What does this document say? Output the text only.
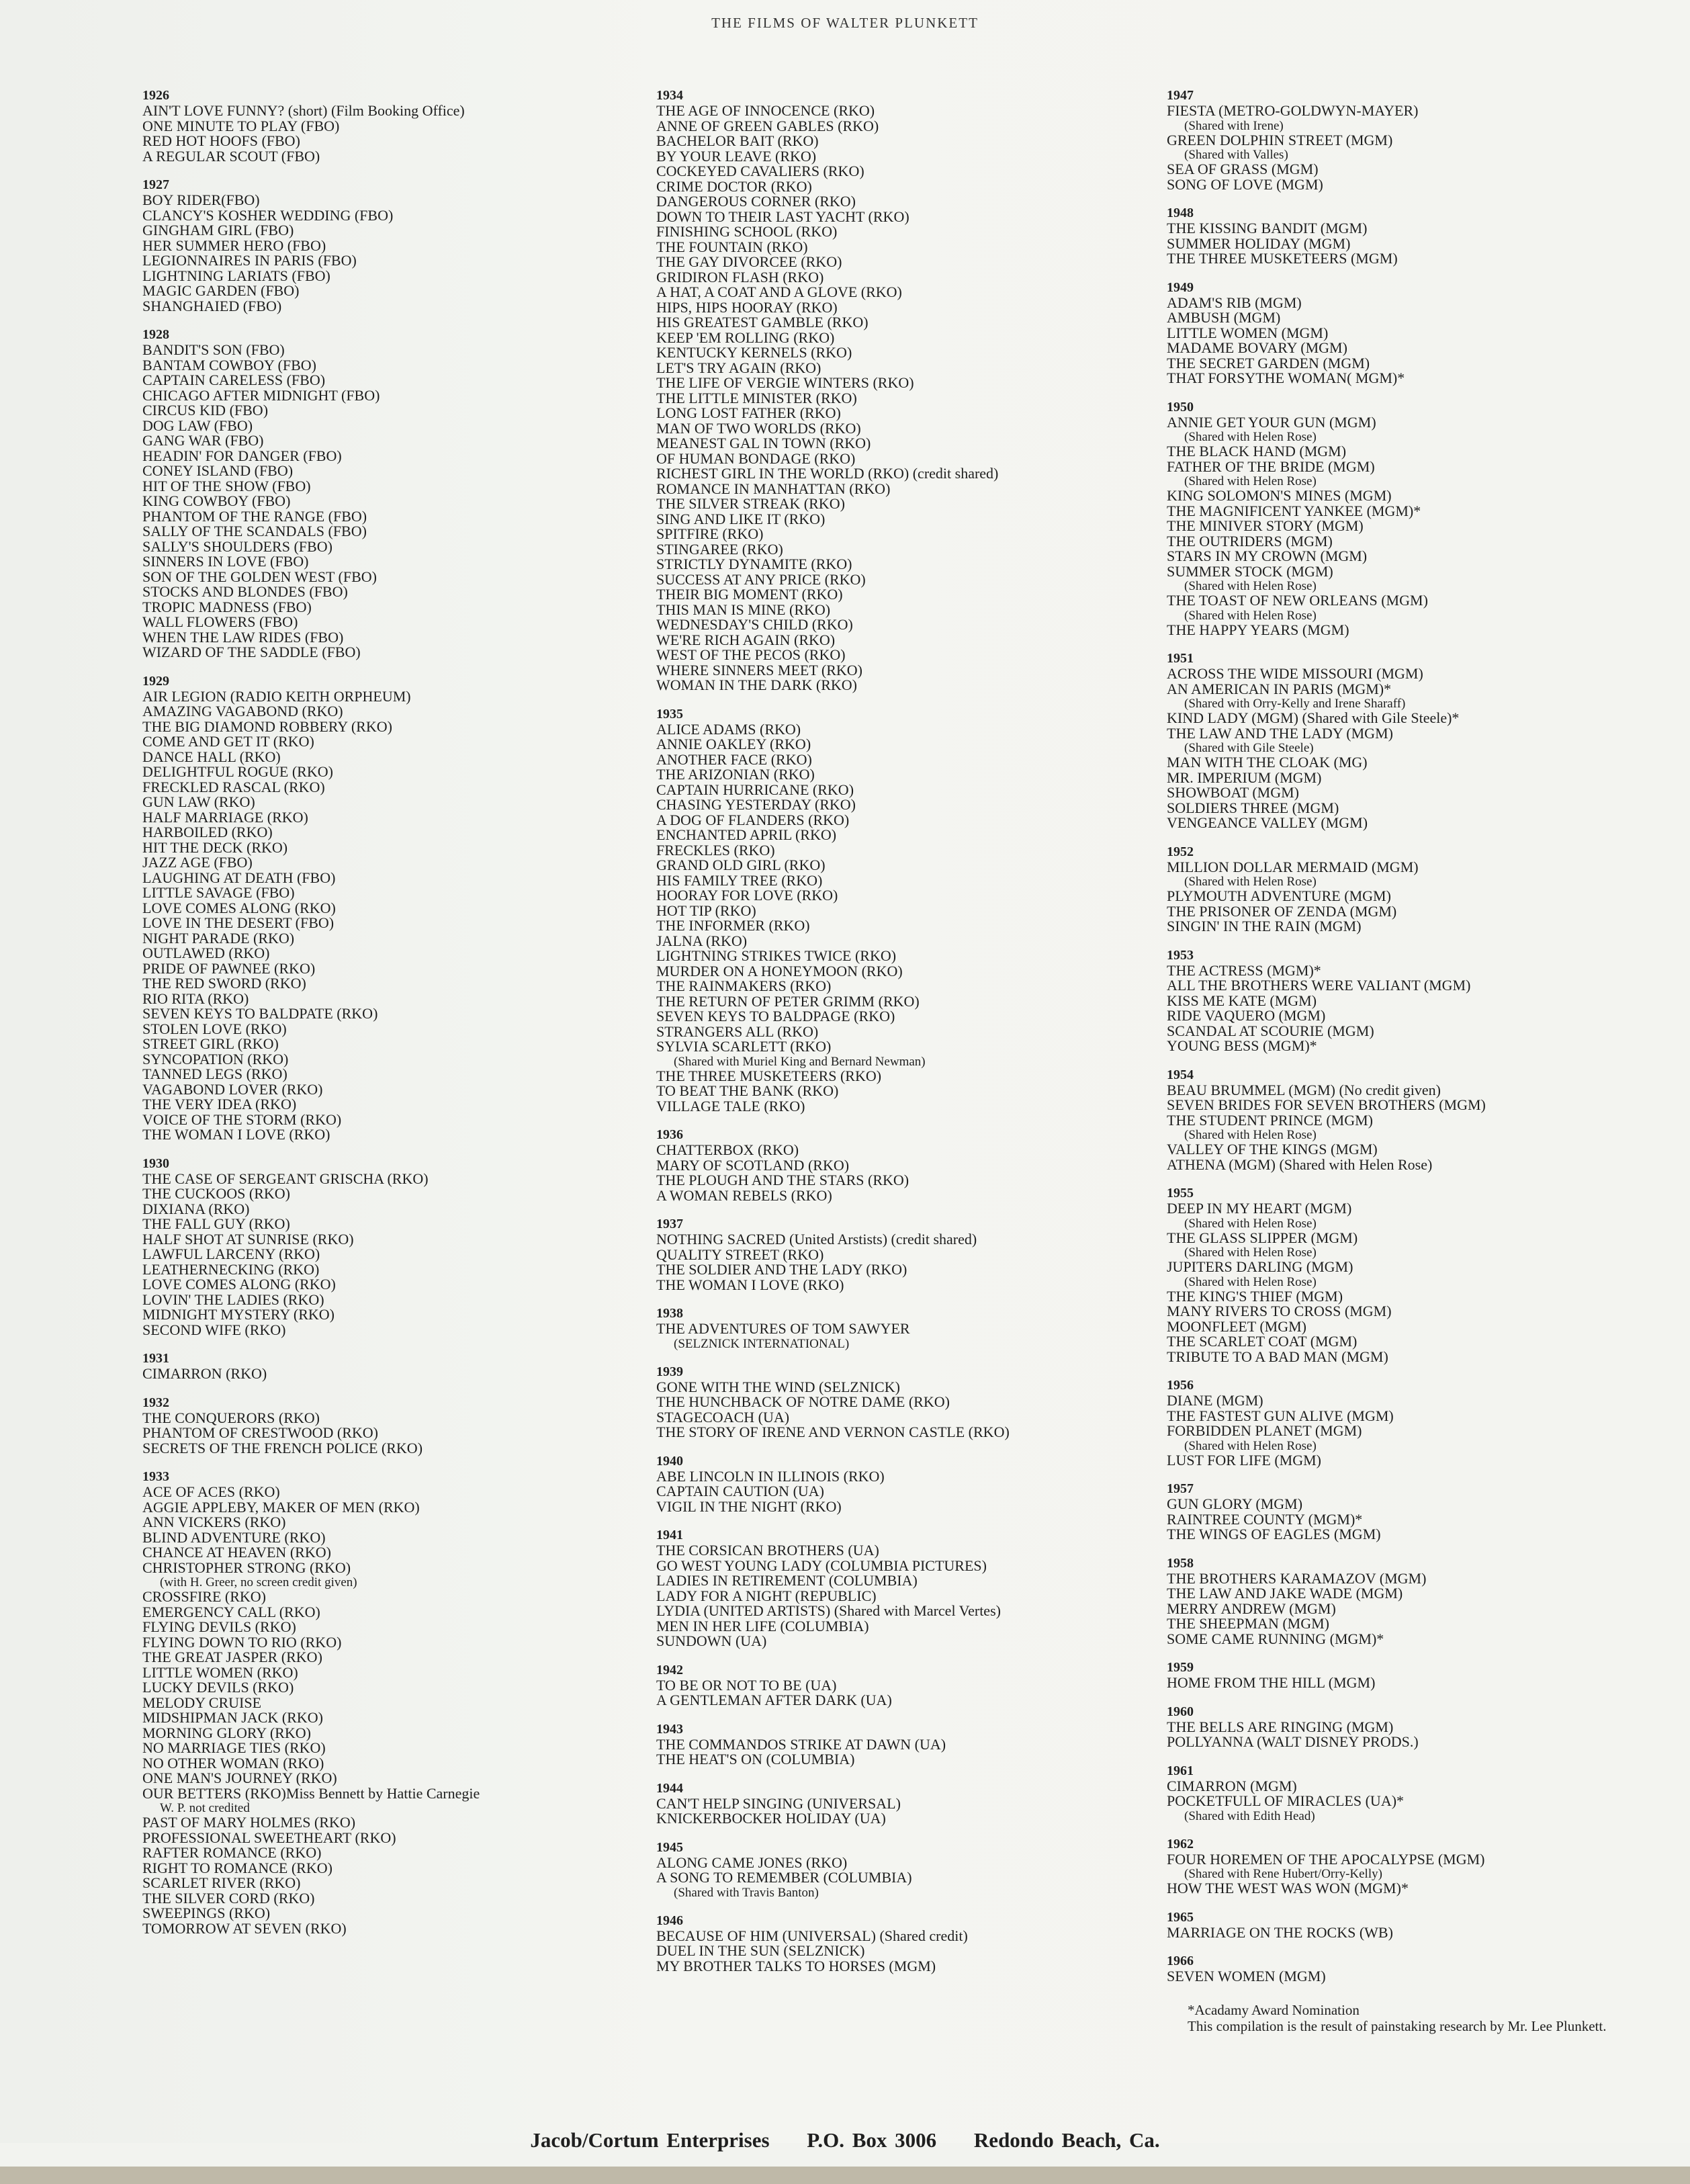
THE FILMS OF WALTER PLUNKETT
1926
AIN'T LOVE FUNNY? (short) (Film Booking Office)
ONE MINUTE TO PLAY (FBO)
RED HOT HOOFS (FBO)
A REGULAR SCOUT (FBO)
1927
BOY RIDER(FBO)
CLANCY'S KOSHER WEDDING (FBO)
GINGHAM GIRL (FBO)
HER SUMMER HERO (FBO)
LEGIONNAIRES IN PARIS (FBO)
LIGHTNING LARIATS (FBO)
MAGIC GARDEN (FBO)
SHANGHAIED (FBO)
1928
BANDIT'S SON (FBO)
BANTAM COWBOY (FBO)
CAPTAIN CARELESS (FBO)
CHICAGO AFTER MIDNIGHT (FBO)
CIRCUS KID (FBO)
DOG LAW (FBO)
GANG WAR (FBO)
HEADIN' FOR DANGER (FBO)
CONEY ISLAND (FBO)
HIT OF THE SHOW (FBO)
KING COWBOY (FBO)
PHANTOM OF THE RANGE (FBO)
SALLY OF THE SCANDALS (FBO)
SALLY'S SHOULDERS (FBO)
SINNERS IN LOVE (FBO)
SON OF THE GOLDEN WEST (FBO)
STOCKS AND BLONDES (FBO)
TROPIC MADNESS (FBO)
WALL FLOWERS (FBO)
WHEN THE LAW RIDES (FBO)
WIZARD OF THE SADDLE (FBO)
1929
AIR LEGION (RADIO KEITH ORPHEUM)
AMAZING VAGABOND (RKO)
THE BIG DIAMOND ROBBERY (RKO)
COME AND GET IT (RKO)
DANCE HALL (RKO)
DELIGHTFUL ROGUE (RKO)
FRECKLED RASCAL (RKO)
GUN LAW (RKO)
HALF MARRIAGE (RKO)
HARBOILED (RKO)
HIT THE DECK (RKO)
JAZZ AGE (FBO)
LAUGHING AT DEATH (FBO)
LITTLE SAVAGE (FBO)
LOVE COMES ALONG (RKO)
LOVE IN THE DESERT (FBO)
NIGHT PARADE (RKO)
OUTLAWED (RKO)
PRIDE OF PAWNEE (RKO)
THE RED SWORD (RKO)
RIO RITA (RKO)
SEVEN KEYS TO BALDPATE (RKO)
STOLEN LOVE (RKO)
STREET GIRL (RKO)
SYNCOPATION (RKO)
TANNED LEGS (RKO)
VAGABOND LOVER (RKO)
THE VERY IDEA (RKO)
VOICE OF THE STORM (RKO)
THE WOMAN I LOVE (RKO)
1930
THE CASE OF SERGEANT GRISCHA (RKO)
THE CUCKOOS (RKO)
DIXIANA (RKO)
THE FALL GUY (RKO)
HALF SHOT AT SUNRISE (RKO)
LAWFUL LARCENY (RKO)
LEATHERNECKING (RKO)
LOVE COMES ALONG (RKO)
LOVIN' THE LADIES (RKO)
MIDNIGHT MYSTERY (RKO)
SECOND WIFE (RKO)
1931
CIMARRON (RKO)
1932
THE CONQUERORS (RKO)
PHANTOM OF CRESTWOOD (RKO)
SECRETS OF THE FRENCH POLICE (RKO)
1933
ACE OF ACES (RKO)
AGGIE APPLEBY, MAKER OF MEN (RKO)
ANN VICKERS (RKO)
BLIND ADVENTURE (RKO)
CHANCE AT HEAVEN (RKO)
CHRISTOPHER STRONG (RKO)
(with H. Greer, no screen credit given)
CROSSFIRE (RKO)
EMERGENCY CALL (RKO)
FLYING DEVILS (RKO)
FLYING DOWN TO RIO (RKO)
THE GREAT JASPER (RKO)
LITTLE WOMEN (RKO)
LUCKY DEVILS (RKO)
MELODY CRUISE
MIDSHIPMAN JACK (RKO)
MORNING GLORY (RKO)
NO MARRIAGE TIES (RKO)
NO OTHER WOMAN (RKO)
ONE MAN'S JOURNEY (RKO)
OUR BETTERS (RKO)Miss Bennett by Hattie Carnegie
W. P. not credited
PAST OF MARY HOLMES (RKO)
PROFESSIONAL SWEETHEART (RKO)
RAFTER ROMANCE (RKO)
RIGHT TO ROMANCE (RKO)
SCARLET RIVER (RKO)
THE SILVER CORD (RKO)
SWEEPINGS (RKO)
TOMORROW AT SEVEN (RKO)
1934
THE AGE OF INNOCENCE (RKO)
ANNE OF GREEN GABLES (RKO)
BACHELOR BAIT (RKO)
BY YOUR LEAVE (RKO)
COCKEYED CAVALIERS (RKO)
CRIME DOCTOR (RKO)
DANGEROUS CORNER (RKO)
DOWN TO THEIR LAST YACHT (RKO)
FINISHING SCHOOL (RKO)
THE FOUNTAIN (RKO)
THE GAY DIVORCEE (RKO)
GRIDIRON FLASH (RKO)
A HAT, A COAT AND A GLOVE (RKO)
HIPS, HIPS HOORAY (RKO)
HIS GREATEST GAMBLE (RKO)
KEEP 'EM ROLLING (RKO)
KENTUCKY KERNELS (RKO)
LET'S TRY AGAIN (RKO)
THE LIFE OF VERGIE WINTERS (RKO)
THE LITTLE MINISTER (RKO)
LONG LOST FATHER (RKO)
MAN OF TWO WORLDS (RKO)
MEANEST GAL IN TOWN (RKO)
OF HUMAN BONDAGE (RKO)
RICHEST GIRL IN THE WORLD (RKO) (credit shared)
ROMANCE IN MANHATTAN (RKO)
THE SILVER STREAK (RKO)
SING AND LIKE IT (RKO)
SPITFIRE (RKO)
STINGAREE (RKO)
STRICTLY DYNAMITE (RKO)
SUCCESS AT ANY PRICE (RKO)
THEIR BIG MOMENT (RKO)
THIS MAN IS MINE (RKO)
WEDNESDAY'S CHILD (RKO)
WE'RE RICH AGAIN (RKO)
WEST OF THE PECOS (RKO)
WHERE SINNERS MEET (RKO)
WOMAN IN THE DARK (RKO)
1935
ALICE ADAMS (RKO)
ANNIE OAKLEY (RKO)
ANOTHER FACE (RKO)
THE ARIZONIAN (RKO)
CAPTAIN HURRICANE (RKO)
CHASING YESTERDAY (RKO)
A DOG OF FLANDERS (RKO)
ENCHANTED APRIL (RKO)
FRECKLES (RKO)
GRAND OLD GIRL (RKO)
HIS FAMILY TREE (RKO)
HOORAY FOR LOVE (RKO)
HOT TIP (RKO)
THE INFORMER (RKO)
JALNA (RKO)
LIGHTNING STRIKES TWICE (RKO)
MURDER ON A HONEYMOON (RKO)
THE RAINMAKERS (RKO)
THE RETURN OF PETER GRIMM (RKO)
SEVEN KEYS TO BALDPAGE (RKO)
STRANGERS ALL (RKO)
SYLVIA SCARLETT (RKO)
(Shared with Muriel King and Bernard Newman)
THE THREE MUSKETEERS (RKO)
TO BEAT THE BANK (RKO)
VILLAGE TALE (RKO)
1936
CHATTERBOX (RKO)
MARY OF SCOTLAND (RKO)
THE PLOUGH AND THE STARS (RKO)
A WOMAN REBELS (RKO)
1937
NOTHING SACRED (United Arstists) (credit shared)
QUALITY STREET (RKO)
THE SOLDIER AND THE LADY (RKO)
THE WOMAN I LOVE (RKO)
1938
THE ADVENTURES OF TOM SAWYER
(SELZNICK INTERNATIONAL)
1939
GONE WITH THE WIND (SELZNICK)
THE HUNCHBACK OF NOTRE DAME (RKO)
STAGECOACH (UA)
THE STORY OF IRENE AND VERNON CASTLE (RKO)
1940
ABE LINCOLN IN ILLINOIS (RKO)
CAPTAIN CAUTION (UA)
VIGIL IN THE NIGHT (RKO)
1941
THE CORSICAN BROTHERS (UA)
GO WEST YOUNG LADY (COLUMBIA PICTURES)
LADIES IN RETIREMENT (COLUMBIA)
LADY FOR A NIGHT (REPUBLIC)
LYDIA (UNITED ARTISTS) (Shared with Marcel Vertes)
MEN IN HER LIFE (COLUMBIA)
SUNDOWN (UA)
1942
TO BE OR NOT TO BE (UA)
A GENTLEMAN AFTER DARK (UA)
1943
THE COMMANDOS STRIKE AT DAWN (UA)
THE HEAT'S ON (COLUMBIA)
1944
CAN'T HELP SINGING (UNIVERSAL)
KNICKERBOCKER HOLIDAY (UA)
1945
ALONG CAME JONES (RKO)
A SONG TO REMEMBER (COLUMBIA)
(Shared with Travis Banton)
1946
BECAUSE OF HIM (UNIVERSAL) (Shared credit)
DUEL IN THE SUN (SELZNICK)
MY BROTHER TALKS TO HORSES (MGM)
1947
FIESTA (METRO-GOLDWYN-MAYER)
(Shared with Irene)
GREEN DOLPHIN STREET (MGM)
(Shared with Valles)
SEA OF GRASS (MGM)
SONG OF LOVE (MGM)
1948
THE KISSING BANDIT (MGM)
SUMMER HOLIDAY (MGM)
THE THREE MUSKETEERS (MGM)
1949
ADAM'S RIB (MGM)
AMBUSH (MGM)
LITTLE WOMEN (MGM)
MADAME BOVARY (MGM)
THE SECRET GARDEN (MGM)
THAT FORSYTHE WOMAN( MGM)*
1950
ANNIE GET YOUR GUN (MGM)
(Shared with Helen Rose)
THE BLACK HAND (MGM)
FATHER OF THE BRIDE (MGM)
(Shared with Helen Rose)
KING SOLOMON'S MINES (MGM)
THE MAGNIFICENT YANKEE (MGM)*
THE MINIVER STORY (MGM)
THE OUTRIDERS (MGM)
STARS IN MY CROWN (MGM)
SUMMER STOCK (MGM)
(Shared with Helen Rose)
THE TOAST OF NEW ORLEANS (MGM)
(Shared with Helen Rose)
THE HAPPY YEARS (MGM)
1951
ACROSS THE WIDE MISSOURI (MGM)
AN AMERICAN IN PARIS (MGM)*
(Shared with Orry-Kelly and Irene Sharaff)
KIND LADY (MGM) (Shared with Gile Steele)*
THE LAW AND THE LADY (MGM)
(Shared with Gile Steele)
MAN WITH THE CLOAK (MG)
MR. IMPERIUM (MGM)
SHOWBOAT (MGM)
SOLDIERS THREE (MGM)
VENGEANCE VALLEY (MGM)
1952
MILLION DOLLAR MERMAID (MGM)
(Shared with Helen Rose)
PLYMOUTH ADVENTURE (MGM)
THE PRISONER OF ZENDA (MGM)
SINGIN' IN THE RAIN (MGM)
1953
THE ACTRESS (MGM)*
ALL THE BROTHERS WERE VALIANT (MGM)
KISS ME KATE (MGM)
RIDE VAQUERO (MGM)
SCANDAL AT SCOURIE (MGM)
YOUNG BESS (MGM)*
1954
BEAU BRUMMEL (MGM) (No credit given)
SEVEN BRIDES FOR SEVEN BROTHERS (MGM)
THE STUDENT PRINCE (MGM)
(Shared with Helen Rose)
VALLEY OF THE KINGS (MGM)
ATHENA (MGM) (Shared with Helen Rose)
1955
DEEP IN MY HEART (MGM)
(Shared with Helen Rose)
THE GLASS SLIPPER (MGM)
(Shared with Helen Rose)
JUPITERS DARLING (MGM)
(Shared with Helen Rose)
THE KING'S THIEF (MGM)
MANY RIVERS TO CROSS (MGM)
MOONFLEET (MGM)
THE SCARLET COAT (MGM)
TRIBUTE TO A BAD MAN (MGM)
1956
DIANE (MGM)
THE FASTEST GUN ALIVE (MGM)
FORBIDDEN PLANET (MGM)
(Shared with Helen Rose)
LUST FOR LIFE (MGM)
1957
GUN GLORY (MGM)
RAINTREE COUNTY (MGM)*
THE WINGS OF EAGLES (MGM)
1958
THE BROTHERS KARAMAZOV (MGM)
THE LAW AND JAKE WADE (MGM)
MERRY ANDREW (MGM)
THE SHEEPMAN (MGM)
SOME CAME RUNNING (MGM)*
1959
HOME FROM THE HILL (MGM)
1960
THE BELLS ARE RINGING (MGM)
POLLYANNA (WALT DISNEY PRODS.)
1961
CIMARRON (MGM)
POCKETFULL OF MIRACLES (UA)*
(Shared with Edith Head)
1962
FOUR HOREMEN OF THE APOCALYPSE (MGM)
(Shared with Rene Hubert/Orry-Kelly)
HOW THE WEST WAS WON (MGM)*
1965
MARRIAGE ON THE ROCKS (WB)
1966
SEVEN WOMEN (MGM)
*Acadamy Award Nomination
This compilation is the result of painstaking research by Mr. Lee Plunkett.
Jacob/Cortum Enterprises P.O. Box 3006 Redondo Beach, Ca.
